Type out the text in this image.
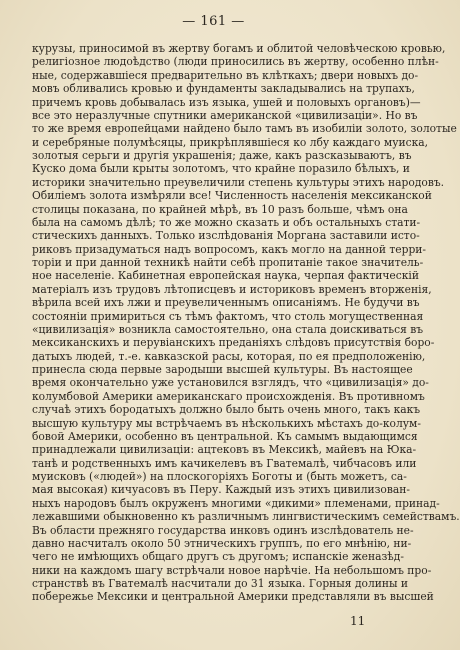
— 161 —
курузы, приносимой въ жертву богамъ и облитой человѣческою кровью,
религіозное людоѣдство (люди приносились въ жертву, особенно плѣн-
ные, содержавшіеся предварительно въ клѣткахъ; двери новыхъ до-
мовъ обливались кровью и фундаменты закладывались на трупахъ,
причемъ кровь добывалась изъ языка, ушей и половыхъ органовъ)—
все это неразлучные спутники американской «цивилизаціи». Но въ
то же время европейцами найдено было тамъ въ изобиліи золото, золотые
и серебряные полумѣсяцы, прикрѣплявшіеся ко лбу каждаго муиска,
золотыя серьги и другія украшенія; даже, какъ разсказываютъ, въ
Куско дома были крыты золотомъ, что крайне поразило бѣлыхъ, и
историки значительно преувеличили степень культуры этихъ народовъ.
Обилiемъ золота измѣряли все! Численность населенія мексиканской
столицы показана, по крайней мѣрѣ, въ 10 разъ больше, чѣмъ она
была на самомъ дѣлѣ; то же можно сказать и объ остальныхъ стати-
стическихъ данныхъ. Только изслѣдованія Моргана заставили исто-
риковъ призадуматься надъ вопросомъ, какъ могло на данной терри-
торіи и при данной техникѣ найти себѣ пропитаніе такое значитель-
ное населеніе. Кабинетная европейская наука, черпая фактическій
матеріалъ изъ трудовъ лѣтописцевъ и историковъ временъ вторженія,
вѣрила всей ихъ лжи и преувеличеннымъ описаніямъ. Не будучи въ
состояніи примириться съ тѣмъ фактомъ, что столь могущественная
«цивилизація» возникла самостоятельно, она стала доискиваться въ
мексиканскихъ и перувіанскихъ преданіяхъ слѣдовъ присутствія боро-
датыхъ людей, т.-е. кавказской расы, которая, по ея предположенію,
принесла сюда первые зародыши высшей культуры. Въ настоящее
время окончательно уже установился взглядъ, что «цивилизація» до-
колумбовой Америки американскаго происхожденія. Въ противномъ
случаѣ этихъ бородатыхъ должно было быть очень много, такъ какъ
высшую культуру мы встрѣчаемъ въ нѣсколькихъ мѣстахъ до-колум-
бовой Америки, особенно въ центральной. Къ самымъ выдающимся
принадлежали цивилизаціи: ацтековъ въ Мексикѣ, майевъ на Юка-
танѣ и родственныхъ имъ качикелевъ въ Гватемалѣ, чибчасовъ или
муисковъ («людей») на плоскогоріяхъ Боготы и (быть можетъ, са-
мая высокая) кичуасовъ въ Перу. Каждый изъ этихъ цивилизован-
ныхъ народовъ былъ окруженъ многими «дикими» племенами, принад-
лежавшими обыкновенно къ различнымъ лингвистическимъ семействамъ.
Въ области прежняго государства инковъ одинъ изслѣдователь не-
давно насчиталъ около 50 этническихъ группъ, по его мнѣнію, ни-
чего не имѣющихъ общаго другъ съ другомъ; испанскіе женазѣд-
ники на каждомъ шагу встрѣчали новое нарѣчіе. На небольшомъ про-
странствѣ въ Гватемалѣ насчитали до 31 языка. Горныя долины и
побережье Мексики и центральной Америки представляли въ высшей
11
